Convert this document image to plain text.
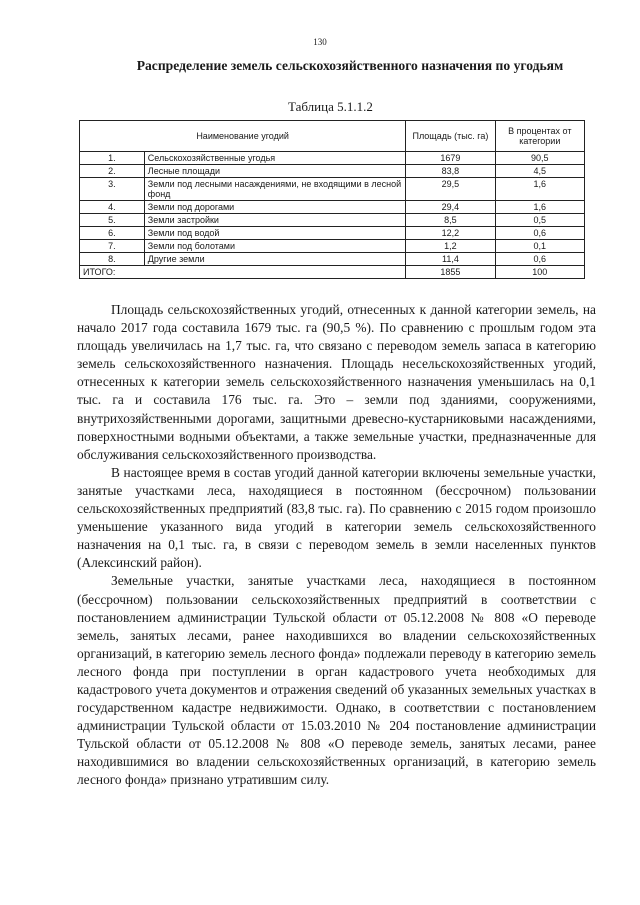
130
Распределение земель сельскохозяйственного назначения по угодьям
Таблица 5.1.1.2
Наименование угодий		Площадь (тыс. га)	В процентах от категории
1.	Сельскохозяйственные угодья	1679	90,5
2.	Лесные площади	83,8	4,5
3.	Земли под лесными насаждениями, не входящими в лесной фонд	29,5	1,6
4.	Земли под дорогами	29,4	1,6
5.	Земли застройки	8,5	0,5
6.	Земли под водой	12,2	0,6
7.	Земли под болотами	1,2	0,1
8.	Другие земли	11,4	0,6
ИТОГО:		1855	100

Площадь сельскохозяйственных угодий, отнесенных к данной категории земель, на начало 2017 года составила 1679 тыс. га (90,5 %). По сравнению с прошлым годом эта площадь увеличилась на 1,7 тыс. га, что связано с переводом земель запаса в категорию земель сельскохозяйственного назначения. Площадь несельскохозяйственных угодий, отнесенных к категории земель сельскохозяйственного назначения уменьшилась на 0,1 тыс. га и составила 176 тыс. га. Это – земли под зданиями, сооружениями, внутрихозяйственными дорогами, защитными древесно-кустарниковыми насаждениями, поверхностными водными объектами, а также земельные участки, предназначенные для обслуживания сельскохозяйственного производства.

В настоящее время в состав угодий данной категории включены земельные участки, занятые участками леса, находящиеся в постоянном (бессрочном) пользовании сельскохозяйственных предприятий (83,8 тыс. га). По сравнению с 2015 годом произошло уменьшение указанного вида угодий в категории земель сельскохозяйственного назначения на 0,1 тыс. га, в связи с переводом земель в земли населенных пунктов (Алексинский район).

Земельные участки, занятые участками леса, находящиеся в постоянном (бессрочном) пользовании сельскохозяйственных предприятий в соответствии с постановлением администрации Тульской области от 05.12.2008 № 808 «О переводе земель, занятых лесами, ранее находившихся во владении сельскохозяйственных организаций, в категорию земель лесного фонда» подлежали переводу в категорию земель лесного фонда при поступлении в орган кадастрового учета необходимых для кадастрового учета документов и отражения сведений об указанных земельных участках в государственном кадастре недвижимости. Однако, в соответствии с постановлением администрации Тульской области от 15.03.2010 № 204 постановление администрации Тульской области от 05.12.2008 № 808 «О переводе земель, занятых лесами, ранее находившимися во владении сельскохозяйственных организаций, в категорию земель лесного фонда» признано утратившим силу.
